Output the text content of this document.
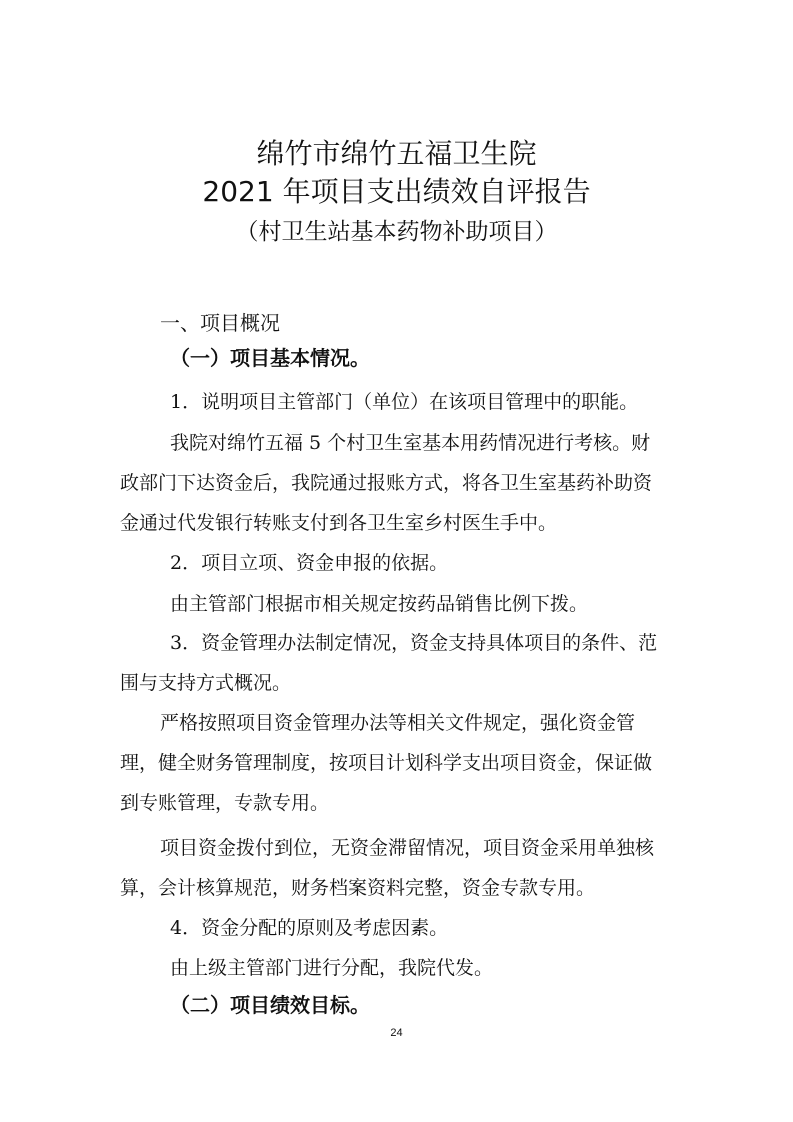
绵竹市绵竹五福卫生院
2021 年项目支出绩效自评报告
（村卫生站基本药物补助项目）
一、项目概况
（一）项目基本情况。
1．说明项目主管部门（单位）在该项目管理中的职能。
我院对绵竹五福 5 个村卫生室基本用药情况进行考核。财
政部门下达资金后，我院通过报账方式，将各卫生室基药补助资
金通过代发银行转账支付到各卫生室乡村医生手中。
2．项目立项、资金申报的依据。
由主管部门根据市相关规定按药品销售比例下拨。
3．资金管理办法制定情况，资金支持具体项目的条件、范
围与支持方式概况。
严格按照项目资金管理办法等相关文件规定，强化资金管
理，健全财务管理制度，按项目计划科学支出项目资金，保证做
到专账管理，专款专用。
项目资金拨付到位，无资金滞留情况，项目资金采用单独核
算，会计核算规范，财务档案资料完整，资金专款专用。
4．资金分配的原则及考虑因素。
由上级主管部门进行分配，我院代发。
（二）项目绩效目标。
24
